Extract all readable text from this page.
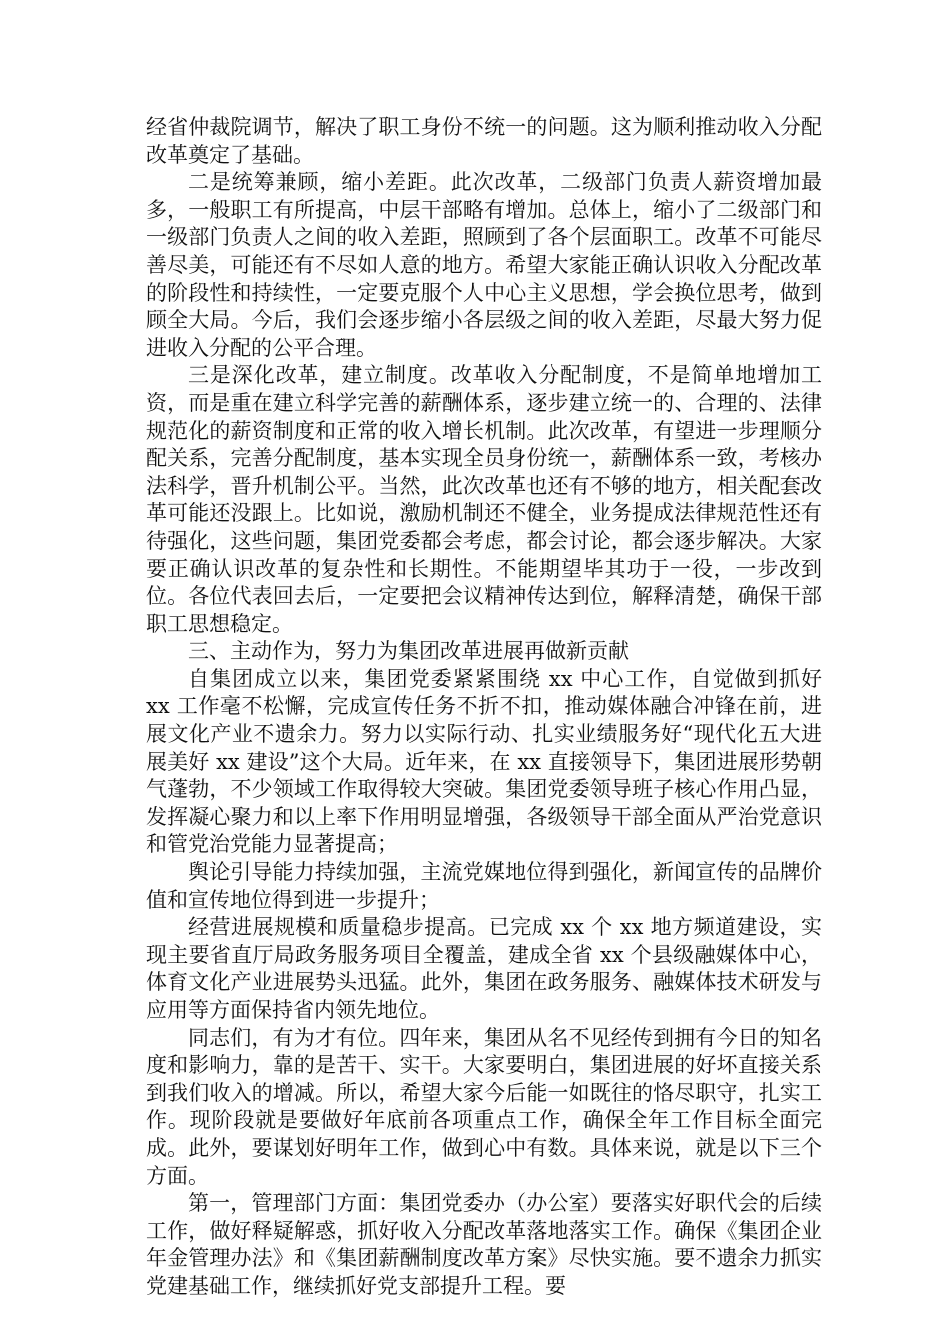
经省仲裁院调节，解决了职工身份不统一的问题。这为顺利推动收入分配改革奠定了基础。

二是统筹兼顾，缩小差距。此次改革，二级部门负责人薪资增加最多，一般职工有所提高，中层干部略有增加。总体上，缩小了二级部门和一级部门负责人之间的收入差距，照顾到了各个层面职工。改革不可能尽善尽美，可能还有不尽如人意的地方。希望大家能正确认识收入分配改革的阶段性和持续性，一定要克服个人中心主义思想，学会换位思考，做到顾全大局。今后，我们会逐步缩小各层级之间的收入差距，尽最大努力促进收入分配的公平合理。

三是深化改革，建立制度。改革收入分配制度，不是简单地增加工资，而是重在建立科学完善的薪酬体系，逐步建立统一的、合理的、法律规范化的薪资制度和正常的收入增长机制。此次改革，有望进一步理顺分配关系，完善分配制度，基本实现全员身份统一，薪酬体系一致，考核办法科学，晋升机制公平。当然，此次改革也还有不够的地方，相关配套改革可能还没跟上。比如说，激励机制还不健全，业务提成法律规范性还有待强化，这些问题，集团党委都会考虑，都会讨论，都会逐步解决。大家要正确认识改革的复杂性和长期性。不能期望毕其功于一役，一步改到位。各位代表回去后，一定要把会议精神传达到位，解释清楚，确保干部职工思想稳定。

三、主动作为，努力为集团改革进展再做新贡献

自集团成立以来，集团党委紧紧围绕 xx 中心工作，自觉做到抓好 xx 工作毫不松懈，完成宣传任务不折不扣，推动媒体融合冲锋在前，进展文化产业不遗余力。努力以实际行动、扎实业绩服务好“现代化五大进展美好 xx 建设”这个大局。近年来，在 xx 直接领导下，集团进展形势朝气蓬勃，不少领域工作取得较大突破。集团党委领导班子核心作用凸显，发挥凝心聚力和以上率下作用明显增强，各级领导干部全面从严治党意识和管党治党能力显著提高；

舆论引导能力持续加强，主流党媒地位得到强化，新闻宣传的品牌价值和宣传地位得到进一步提升；

经营进展规模和质量稳步提高。已完成 xx 个 xx 地方频道建设，实现主要省直厅局政务服务项目全覆盖，建成全省 xx 个县级融媒体中心，体育文化产业进展势头迅猛。此外，集团在政务服务、融媒体技术研发与应用等方面保持省内领先地位。

同志们，有为才有位。四年来，集团从名不见经传到拥有今日的知名度和影响力，靠的是苦干、实干。大家要明白，集团进展的好坏直接关系到我们收入的增减。所以，希望大家今后能一如既往的恪尽职守，扎实工作。现阶段就是要做好年底前各项重点工作，确保全年工作目标全面完成。此外，要谋划好明年工作，做到心中有数。具体来说，就是以下三个方面。

第一，管理部门方面：集团党委办（办公室）要落实好职代会的后续工作，做好释疑解惑，抓好收入分配改革落地落实工作。确保《集团企业年金管理办法》和《集团薪酬制度改革方案》尽快实施。要不遗余力抓实党建基础工作，继续抓好党支部提升工程。要
